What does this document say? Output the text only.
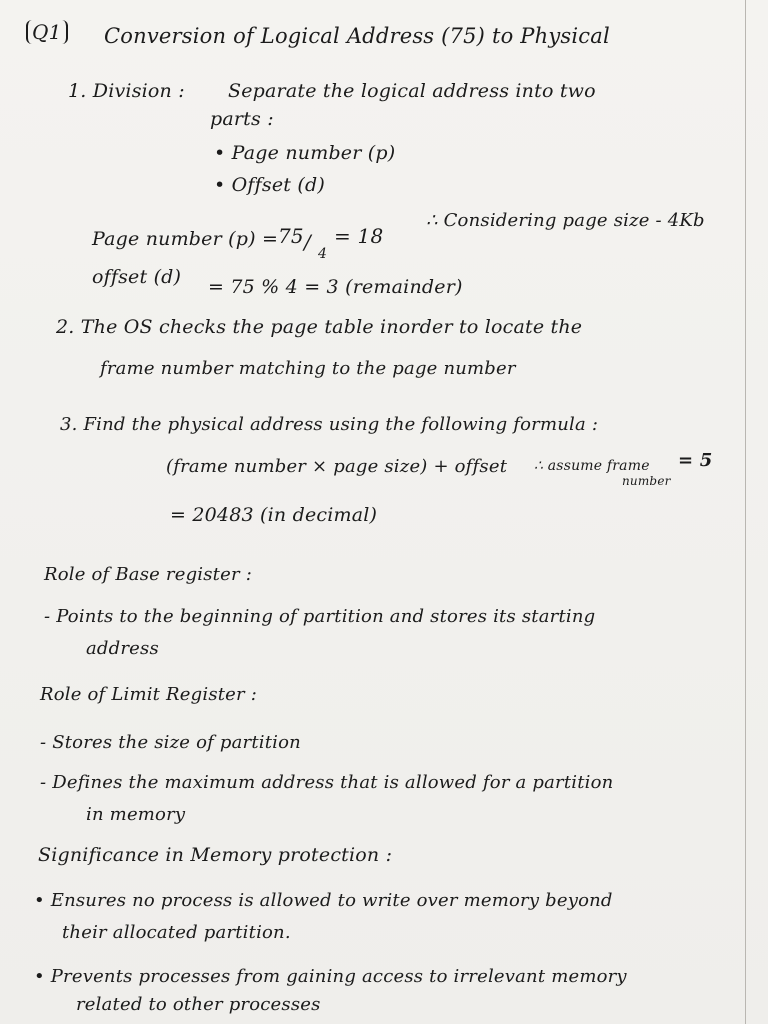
Q1 Conversion of Logical Address (75) to Physical
1. Division : Separate the logical address into two
parts :
• Page number (p)
• Offset (d)
Page number (p) = 75 / 4
= 18
∴ Considering page size - 4Kb
offset (d) = 75 % 4 = 3 (remainder)
2. The OS checks the page table inorder to locate the
frame number matching to the page number
3. Find the physical address using the following formula :
(frame number × page size) + offset ∴ assume frame
number
= 5
= 20483 (in decimal)
Role of Base register :
- Points to the beginning of partition and stores its starting
address
Role of Limit Register :
- Stores the size of partition
- Defines the maximum address that is allowed for a partition
in memory
Significance in Memory protection :
• Ensures no process is allowed to write over memory beyond
their allocated partition.
• Prevents processes from gaining access to irrelevant memory
related to other processes
